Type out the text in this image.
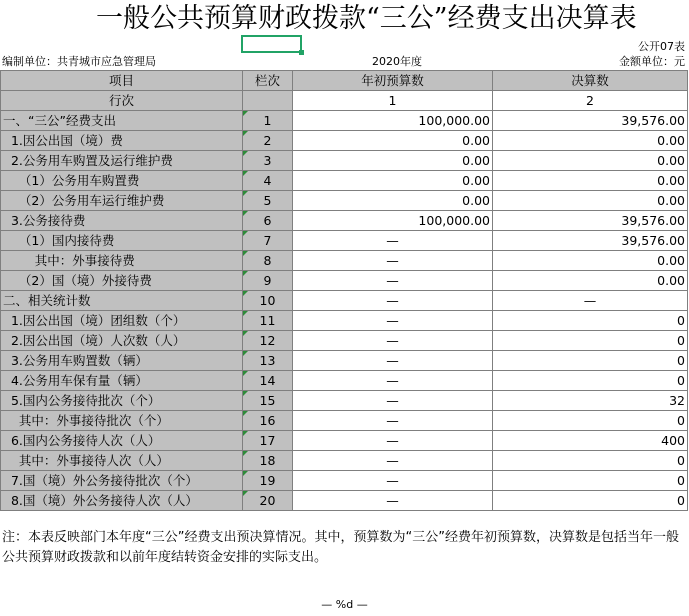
一般公共预算财政拨款“三公”经费支出决算表
公开07表
编制单位：共青城市应急管理局	2020年度	金额单位：元
项目	栏次	年初预算数	决算数
行次		1	2
一、“三公”经费支出	1	100,000.00	39,576.00
1.因公出国（境）费	2	0.00	0.00
2.公务用车购置及运行维护费	3	0.00	0.00
（1）公务用车购置费	4	0.00	0.00
（2）公务用车运行维护费	5	0.00	0.00
3.公务接待费	6	100,000.00	39,576.00
（1）国内接待费	7	—	39,576.00
其中：外事接待费	8	—	0.00
（2）国（境）外接待费	9	—	0.00
二、相关统计数	10	—	—
1.因公出国（境）团组数（个）	11	—	0
2.因公出国（境）人次数（人）	12	—	0
3.公务用车购置数（辆）	13	—	0
4.公务用车保有量（辆）	14	—	0
5.国内公务接待批次（个）	15	—	32
其中：外事接待批次（个）	16	—	0
6.国内公务接待人次（人）	17	—	400
其中：外事接待人次（人）	18	—	0
7.国（境）外公务接待批次（个）	19	—	0
8.国（境）外公务接待人次（人）	20	—	0
注：本表反映部门本年度“三公”经费支出预决算情况。其中，预算数为“三公”经费年初预算数，决算数是包括当年一般公共预算财政拨款和以前年度结转资金安排的实际支出。
— %d —
